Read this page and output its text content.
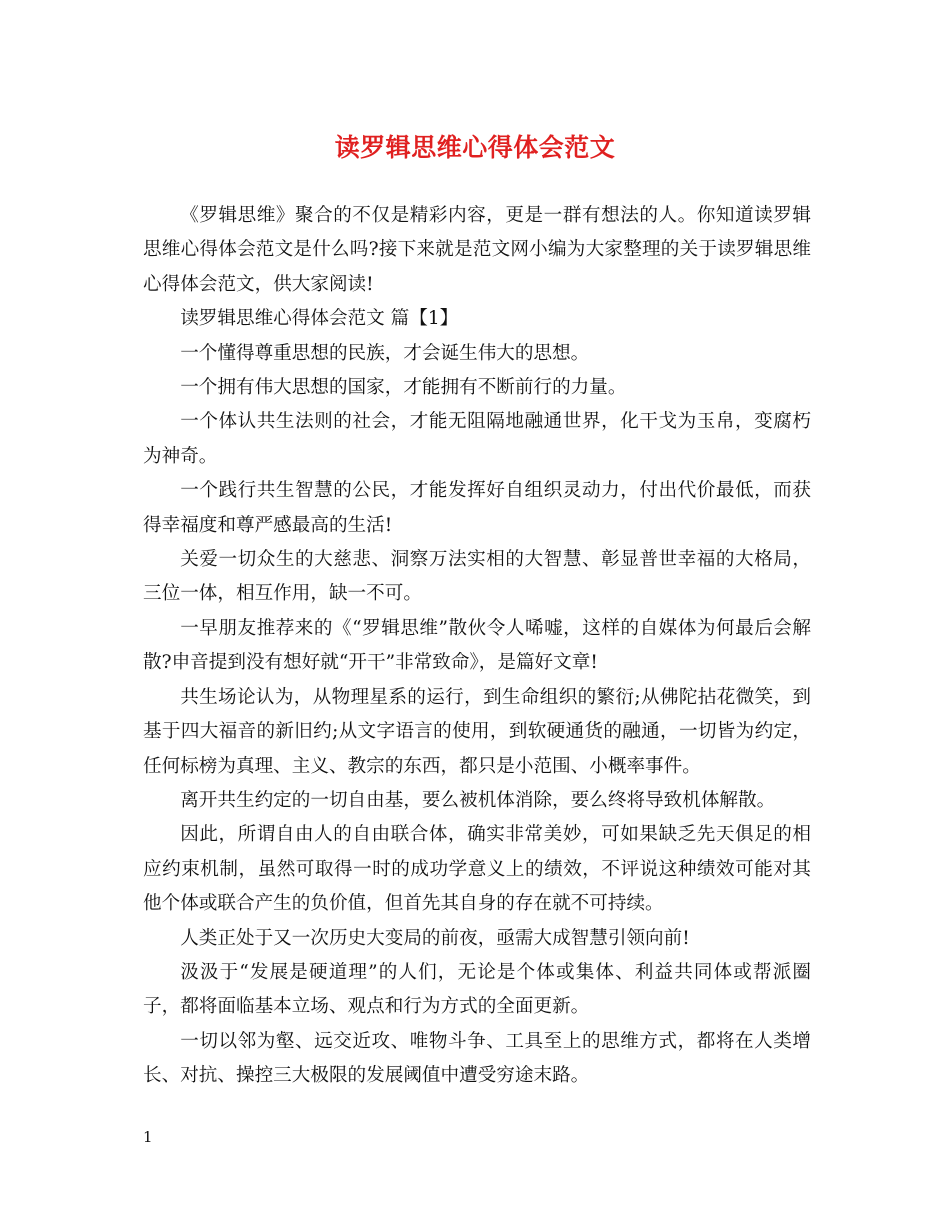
读罗辑思维心得体会范文

《罗辑思维》聚合的不仅是精彩内容，更是一群有想法的人。你知道读罗辑思维心得体会范文是什么吗?接下来就是范文网小编为大家整理的关于读罗辑思维心得体会范文，供大家阅读!

读罗辑思维心得体会范文 篇【1】

一个懂得尊重思想的民族，才会诞生伟大的思想。

一个拥有伟大思想的国家，才能拥有不断前行的力量。

一个体认共生法则的社会，才能无阻隔地融通世界，化干戈为玉帛，变腐朽为神奇。

一个践行共生智慧的公民，才能发挥好自组织灵动力，付出代价最低，而获得幸福度和尊严感最高的生活!

关爱一切众生的大慈悲、洞察万法实相的大智慧、彰显普世幸福的大格局，三位一体，相互作用，缺一不可。

一早朋友推荐来的《“罗辑思维”散伙令人唏嘘，这样的自媒体为何最后会解散?申音提到没有想好就“开干”非常致命》，是篇好文章!

共生场论认为，从物理星系的运行，到生命组织的繁衍;从佛陀拈花微笑，到基于四大福音的新旧约;从文字语言的使用，到软硬通货的融通，一切皆为约定，任何标榜为真理、主义、教宗的东西，都只是小范围、小概率事件。

离开共生约定的一切自由基，要么被机体消除，要么终将导致机体解散。

因此，所谓自由人的自由联合体，确实非常美妙，可如果缺乏先天俱足的相应约束机制，虽然可取得一时的成功学意义上的绩效，不评说这种绩效可能对其他个体或联合产生的负价值，但首先其自身的存在就不可持续。

人类正处于又一次历史大变局的前夜，亟需大成智慧引领向前!

汲汲于“发展是硬道理”的人们，无论是个体或集体、利益共同体或帮派圈子，都将面临基本立场、观点和行为方式的全面更新。

一切以邻为壑、远交近攻、唯物斗争、工具至上的思维方式，都将在人类增长、对抗、操控三大极限的发展阈值中遭受穷途末路。

1
